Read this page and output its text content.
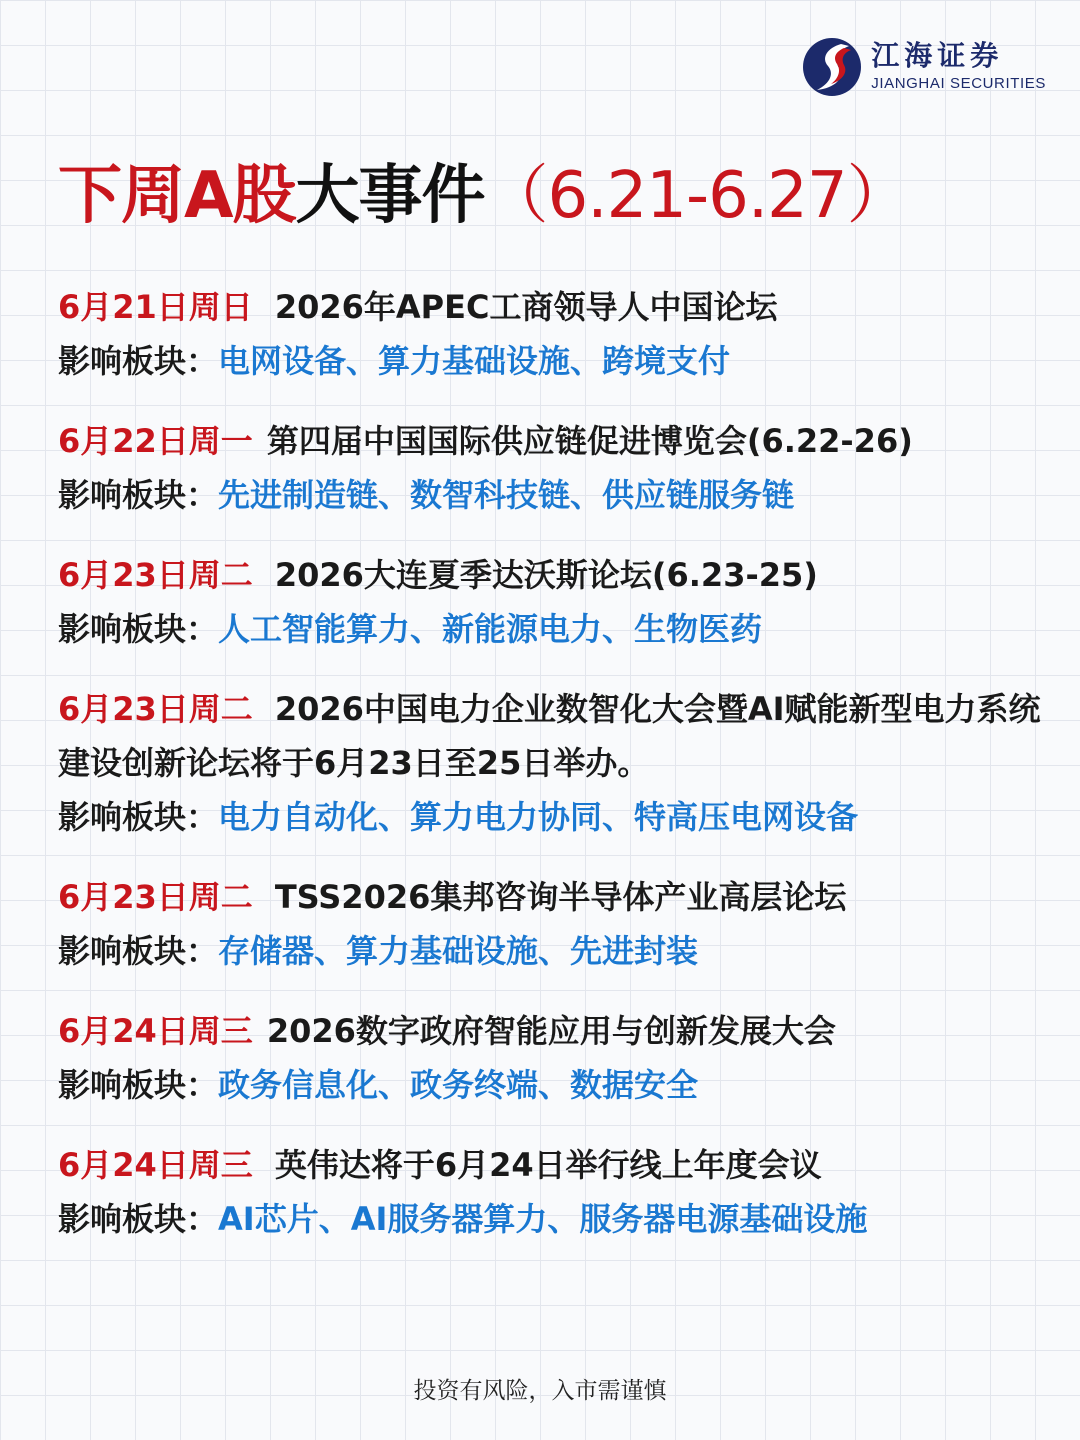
江海证券
JIANGHAI SECURITIES
下周A股大事件（6.21-6.27）
6月21日周日 2026年APEC工商领导人中国论坛
影响板块：电网设备、算力基础设施、跨境支付
6月22日周一 第四届中国国际供应链促进博览会(6.22-26)
影响板块：先进制造链、数智科技链、供应链服务链
6月23日周二 2026大连夏季达沃斯论坛(6.23-25)
影响板块：人工智能算力、新能源电力、生物医药
6月23日周二 2026中国电力企业数智化大会暨AI赋能新型电力系统建设创新论坛将于6月23日至25日举办。
影响板块：电力自动化、算力电力协同、特高压电网设备
6月23日周二 TSS2026集邦咨询半导体产业高层论坛
影响板块：存储器、算力基础设施、先进封装
6月24日周三 2026数字政府智能应用与创新发展大会
影响板块：政务信息化、政务终端、数据安全
6月24日周三 英伟达将于6月24日举行线上年度会议
影响板块：AI芯片、AI服务器算力、服务器电源基础设施
投资有风险，入市需谨慎
